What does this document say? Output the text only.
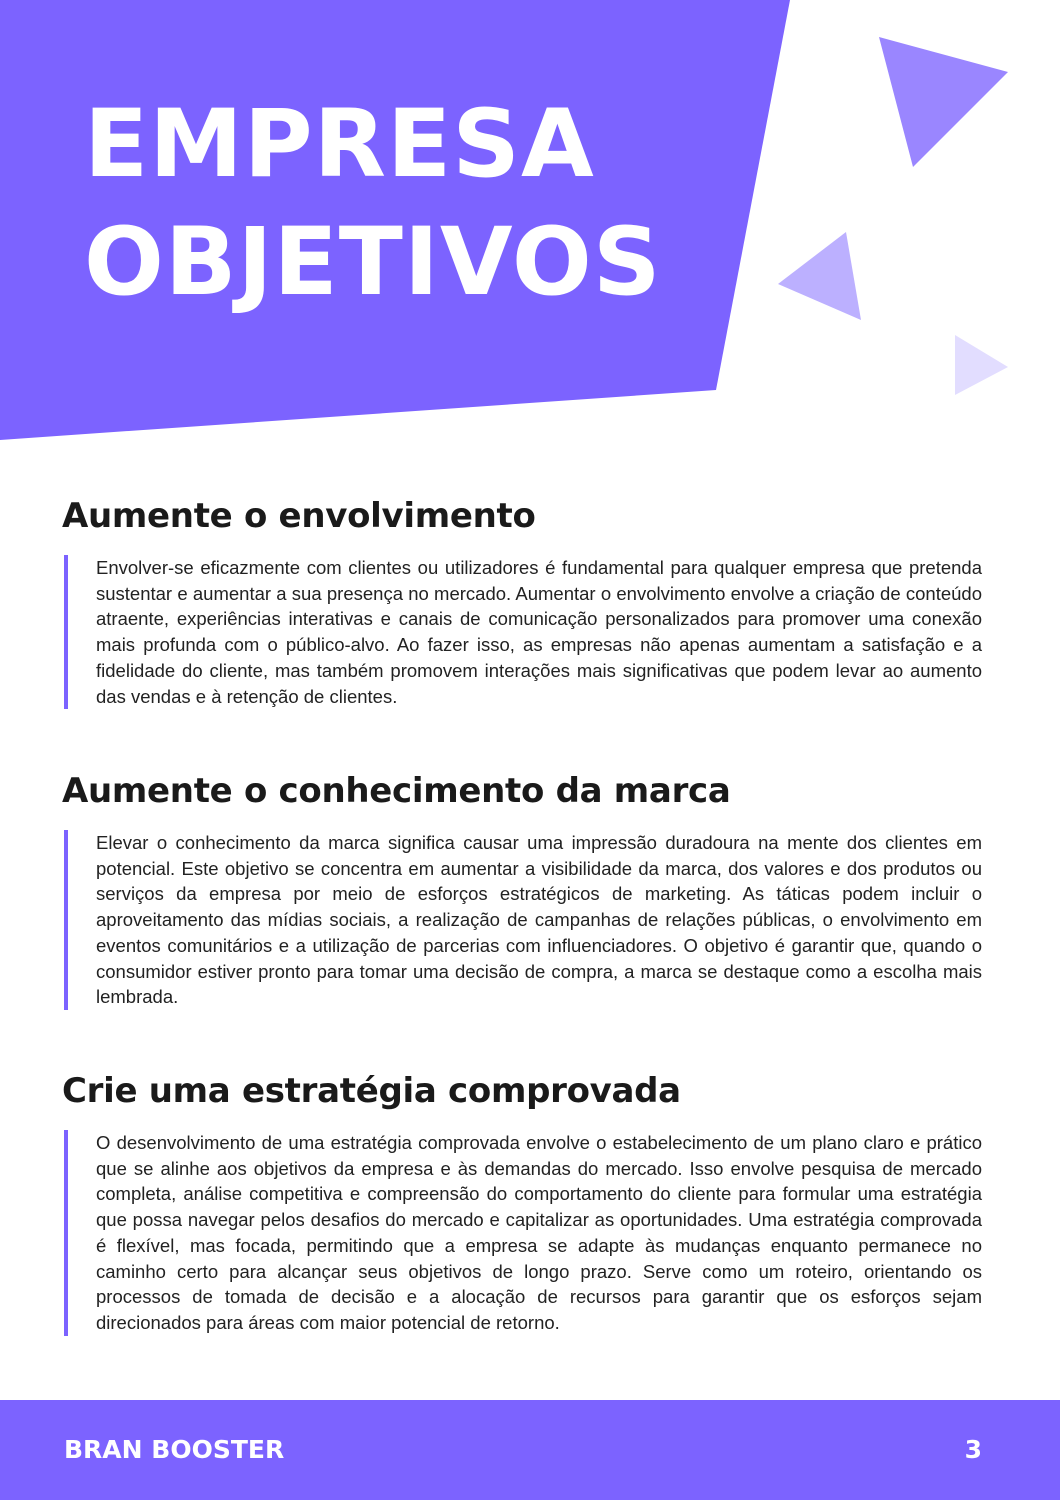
EMPRESA
OBJETIVOS
Aumente o envolvimento

Envolver-se eficazmente com clientes ou utilizadores é fundamental para qualquer empresa que pretenda sustentar e aumentar a sua presença no mercado. Aumentar o envolvimento envolve a criação de conteúdo atraente, experiências interativas e canais de comunicação personalizados para promover uma conexão mais profunda com o público-alvo. Ao fazer isso, as empresas não apenas aumentam a satisfação e a fidelidade do cliente, mas também promovem interações mais significativas que podem levar ao aumento das vendas e à retenção de clientes.

Aumente o conhecimento da marca

Elevar o conhecimento da marca significa causar uma impressão duradoura na mente dos clientes em potencial. Este objetivo se concentra em aumentar a visibilidade da marca, dos valores e dos produtos ou serviços da empresa por meio de esforços estratégicos de marketing. As táticas podem incluir o aproveitamento das mídias sociais, a realização de campanhas de relações públicas, o envolvimento em eventos comunitários e a utilização de parcerias com influenciadores. O objetivo é garantir que, quando o consumidor estiver pronto para tomar uma decisão de compra, a marca se destaque como a escolha mais lembrada.

Crie uma estratégia comprovada

O desenvolvimento de uma estratégia comprovada envolve o estabelecimento de um plano claro e prático que se alinhe aos objetivos da empresa e às demandas do mercado. Isso envolve pesquisa de mercado completa, análise competitiva e compreensão do comportamento do cliente para formular uma estratégia que possa navegar pelos desafios do mercado e capitalizar as oportunidades. Uma estratégia comprovada é flexível, mas focada, permitindo que a empresa se adapte às mudanças enquanto permanece no caminho certo para alcançar seus objetivos de longo prazo. Serve como um roteiro, orientando os processos de tomada de decisão e a alocação de recursos para garantir que os esforços sejam direcionados para áreas com maior potencial de retorno.

BRAN BOOSTER	3
